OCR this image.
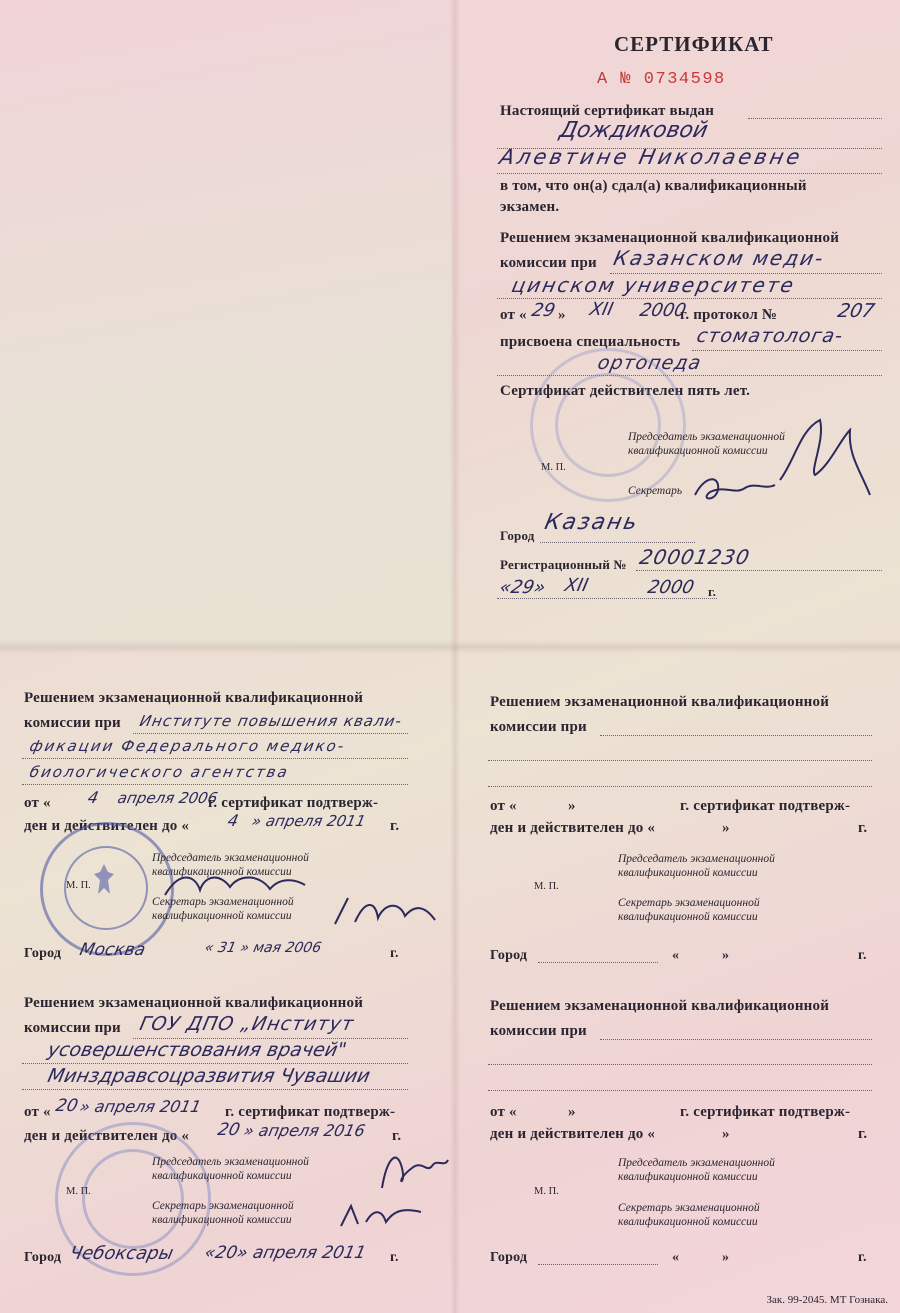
СЕРТИФИКАТ
А № 0734598
Настоящий сертификат выдан
Дождиковой
Алевтине Николаевне
в том, что он(а) сдал(а) квалификационный
экзамен.
Решением экзаменационной квалификационной
комиссии при Казанском меди-
цинском университете
от « 29 » ХII 2000
г. протокол №	207
присвоена специальность стоматолога-
ортопеда
Сертификат действителен пять лет.
Председатель экзаменационной
квалификационной комиссии
М. П.
Секретарь
Город
Казань
Регистрационный № 20001230
«29» ХII	2000 г.
Решением экзаменационной квалификационной
комиссии при Институте повышения квали-
фикации Федерального медико-
биологического агентства
от « 4 апреля 2006
г. сертификат подтверж-
ден и действителен до « 4 » апреля 2011 г.
Председатель экзаменационной
квалификационной комиссии
М. П.
Секретарь экзаменационной
квалификационной комиссии
Город Москва	« 31 » мая 2006	г.
Решением экзаменационной квалификационной
комиссии при ГОУ ДПО „Институт
усовершенствования врачей"
Минздравсоцразвития Чувашии
от « 20
» апреля 2011 г. сертификат подтверж-
ден и действителен до « 20 » апреля 2016 г.
Председатель экзаменационной
квалификационной комиссии
М. П.
Секретарь экзаменационной
квалификационной комиссии
Город Чебоксары «20» апреля 2011 г.
Решением экзаменационной квалификационной
комиссии при
от «	»	г. сертификат подтверж-
ден и действителен до «	»	г.
Председатель экзаменационной
квалификационной комиссии
М. П.
Секретарь экзаменационной
квалификационной комиссии
Город	«	»	г.
Решением экзаменационной квалификационной
комиссии при
от «	»	г. сертификат подтверж-
ден и действителен до «	»	г.
Председатель экзаменационной
квалификационной комиссии
М. П.
Секретарь экзаменационной
квалификационной комиссии
Город	«	»	г.
Зак. 99-2045. МТ Гознака.
